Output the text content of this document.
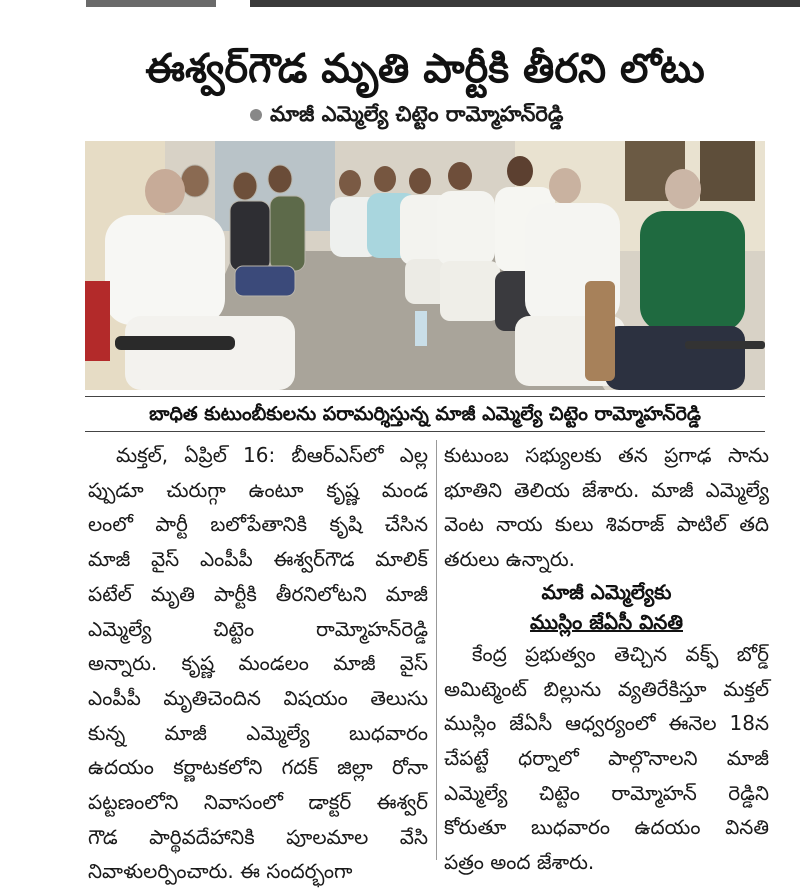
ఈశ్వర్‌గౌడ మృతి పార్టీకి తీరని లోటు
మాజీ ఎమ్మెల్యే చిట్టెం రామ్మోహన్‌రెడ్డి
బాధిత కుటుంబీకులను పరామర్శిస్తున్న మాజీ ఎమ్మెల్యే చిట్టెం రామ్మోహన్‌రెడ్డి
మక్తల్, ఏప్రిల్ 16: బీఆర్ఎస్‌లో ఎల్ల
ప్పుడూ చురుగ్గా ఉంటూ కృష్ణ మండ
లంలో పార్టీ బలోపేతానికి కృషి చేసిన
మాజీ వైస్ ఎంపీపీ ఈశ్వర్‌గౌడ మాలిక్
పటేల్ మృతి పార్టీకి తీరనిలోటని మాజీ
ఎమ్మెల్యే చిట్టెం రామ్మోహన్‌రెడ్డి
అన్నారు. కృష్ణ మండలం మాజీ వైస్
ఎంపీపీ మృతిచెందిన విషయం తెలుసు
కున్న మాజీ ఎమ్మెల్యే బుధవారం
ఉదయం కర్ణాటకలోని గదక్ జిల్లా రోనా
పట్టణంలోని నివాసంలో డాక్టర్ ఈశ్వర్
గౌడ పార్థివదేహానికి పూలమాల వేసి
నివాళులర్పించారు. ఈ సందర్భంగా
కుటుంబ సభ్యులకు తన ప్రగాఢ సాను
భూతిని తెలియ జేశారు. మాజీ ఎమ్మెల్యే
వెంట నాయ కులు శివరాజ్ పాటిల్ తది
తరులు ఉన్నారు.
మాజీ ఎమ్మెల్యేకు
ముస్లిం జేఏసీ వినతి
కేంద్ర ప్రభుత్వం తెచ్చిన వక్ఫ్ బోర్డ్
అమిట్మెంట్ బిల్లును వ్యతిరేకిస్తూ మక్తల్
ముస్లిం జేఏసీ ఆధ్వర్యంలో ఈనెల 18న
చేపట్టే ధర్నాలో పాల్గొనాలని మాజీ
ఎమ్మెల్యే చిట్టెం రామ్మోహన్ రెడ్డిని
కోరుతూ బుధవారం ఉదయం వినతి
పత్రం అంద జేశారు.
